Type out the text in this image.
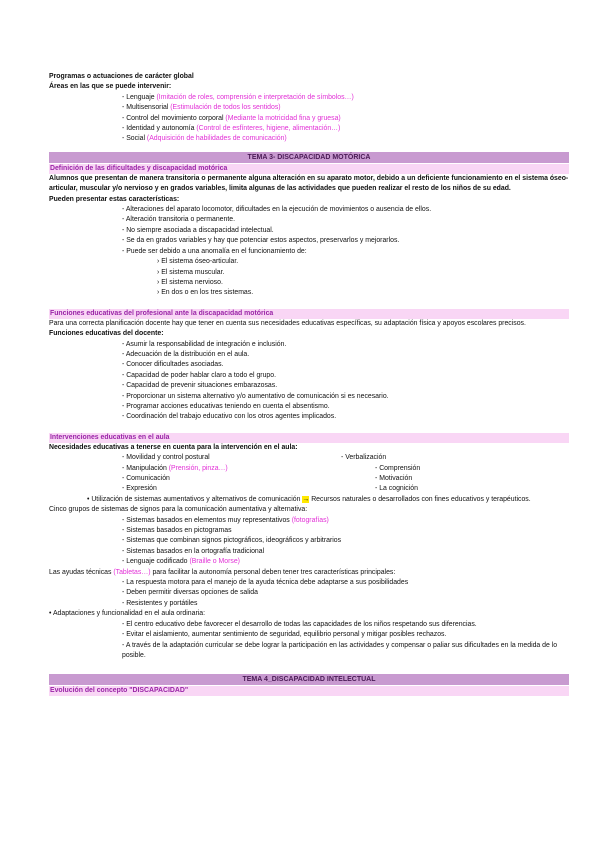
Programas o actuaciones de carácter global
Áreas en las que se puede intervenir:
- Lenguaje (Imitación de roles, comprensión e interpretación de símbolos…)
- Multisensorial (Estimulación de todos los sentidos)
- Control del movimiento corporal (Mediante la motricidad fina y gruesa)
- Identidad y autonomía (Control de esfínteres, higiene, alimentación…)
- Social (Adquisición de habilidades de comunicación)
TEMA 3- DISCAPACIDAD MOTÓRICA
Definición de las dificultades y discapacidad motórica
Alumnos que presentan de manera transitoria o permanente alguna alteración en su aparato motor, debido a un deficiente funcionamiento en el sistema óseo-articular, muscular y/o nervioso y en grados variables, limita algunas de las actividades que pueden realizar el resto de los niños de su edad.
Pueden presentar estas características:
- Alteraciones del aparato locomotor, dificultades en la ejecución de movimientos o ausencia de ellos.
- Alteración transitoria o permanente.
- No siempre asociada a discapacidad intelectual.
- Se da en grados variables y hay que potenciar estos aspectos, preservarlos y mejorarlos.
- Puede ser debido a una anomalía en el funcionamiento de:
› El sistema óseo-articular.
› El sistema muscular.
› El sistema nervioso.
› En dos o en los tres sistemas.
Funciones educativas del profesional ante la discapacidad motórica
Para una correcta planificación docente hay que tener en cuenta sus necesidades educativas específicas, su adaptación física y apoyos escolares precisos.
Funciones educativas del docente:
- Asumir la responsabilidad de integración e inclusión.
- Adecuación de la distribución en el aula.
- Conocer dificultades asociadas.
- Capacidad de poder hablar claro a todo el grupo.
- Capacidad de prevenir situaciones embarazosas.
- Proporcionar un sistema alternativo y/o aumentativo de comunicación si es necesario.
- Programar acciones educativas teniendo en cuenta el absentismo.
- Coordinación del trabajo educativo con los otros agentes implicados.
Intervenciones educativas en el aula
Necesidades educativas a tenerse en cuenta para la intervención en el aula:
- Movilidad y control postural
- Manipulación (Prensión, pinza…)
- Comunicación
- Expresión
- Verbalización
- Comprensión
- Motivación
- La cognición
• Utilización de sistemas aumentativos y alternativos de comunicación → Recursos naturales o desarrollados con fines educativos y terapéuticos.
Cinco grupos de sistemas de signos para la comunicación aumentativa y alternativa:
- Sistemas basados en elementos muy representativos (fotografías)
- Sistemas basados en pictogramas
- Sistemas que combinan signos pictográficos, ideográficos y arbitrarios
- Sistemas basados en la ortografía tradicional
- Lenguaje codificado (Braille o Morse)
Las ayudas técnicas (Tabletas…) para facilitar la autonomía personal deben tener tres características principales:
- La respuesta motora para el manejo de la ayuda técnica debe adaptarse a sus posibilidades
- Deben permitir diversas opciones de salida
- Resistentes y portátiles
• Adaptaciones y funcionalidad en el aula ordinaria:
- El centro educativo debe favorecer el desarrollo de todas las capacidades de los niños respetando sus diferencias.
- Evitar el aislamiento, aumentar sentimiento de seguridad, equilibrio personal y mitigar posibles rechazos.
- A través de la adaptación curricular se debe lograr la participación en las actividades y compensar o paliar sus dificultades en la medida de lo posible.
TEMA 4_DISCAPACIDAD INTELECTUAL
Evolución del concepto "DISCAPACIDAD"
